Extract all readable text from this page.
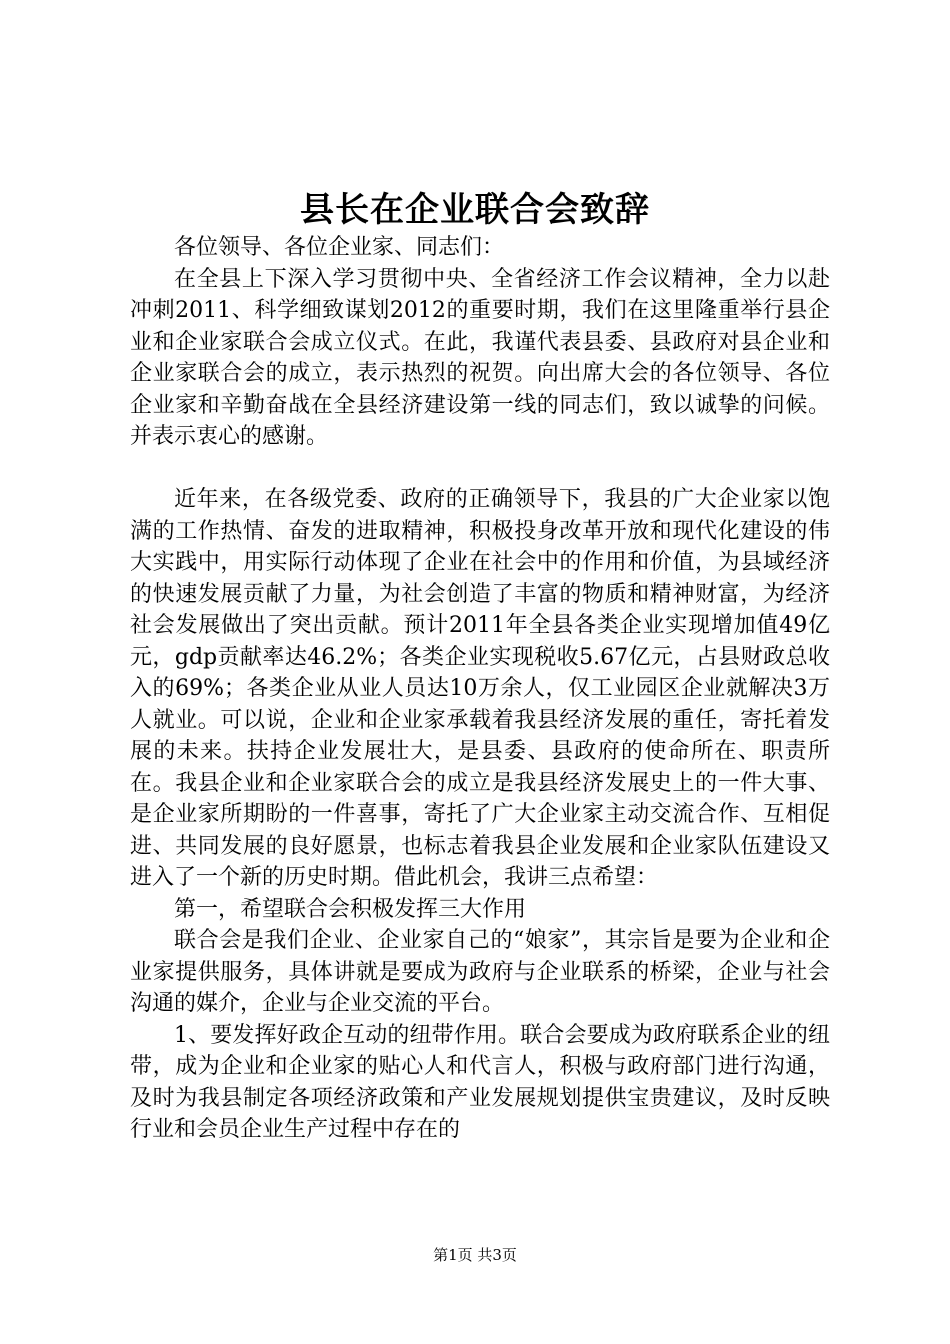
县长在企业联合会致辞

各位领导、各位企业家、同志们：

在全县上下深入学习贯彻中央、全省经济工作会议精神，全力以赴冲刺2011、科学细致谋划2012的重要时期，我们在这里隆重举行县企业和企业家联合会成立仪式。在此，我谨代表县委、县政府对县企业和企业家联合会的成立，表示热烈的祝贺。向出席大会的各位领导、各位企业家和辛勤奋战在全县经济建设第一线的同志们，致以诚挚的问候。并表示衷心的感谢。

近年来，在各级党委、政府的正确领导下，我县的广大企业家以饱满的工作热情、奋发的进取精神，积极投身改革开放和现代化建设的伟大实践中，用实际行动体现了企业在社会中的作用和价值，为县域经济的快速发展贡献了力量，为社会创造了丰富的物质和精神财富，为经济社会发展做出了突出贡献。预计2011年全县各类企业实现增加值49亿元，gdp贡献率达46.2%；各类企业实现税收5.67亿元，占县财政总收入的69%；各类企业从业人员达10万余人，仅工业园区企业就解决3万人就业。可以说，企业和企业家承载着我县经济发展的重任，寄托着发展的未来。扶持企业发展壮大，是县委、县政府的使命所在、职责所在。我县企业和企业家联合会的成立是我县经济发展史上的一件大事、是企业家所期盼的一件喜事，寄托了广大企业家主动交流合作、互相促进、共同发展的良好愿景，也标志着我县企业发展和企业家队伍建设又进入了一个新的历史时期。借此机会，我讲三点希望：

第一，希望联合会积极发挥三大作用

联合会是我们企业、企业家自己的“娘家”，其宗旨是要为企业和企业家提供服务，具体讲就是要成为政府与企业联系的桥梁，企业与社会沟通的媒介，企业与企业交流的平台。

1、要发挥好政企互动的纽带作用。联合会要成为政府联系企业的纽带，成为企业和企业家的贴心人和代言人，积极与政府部门进行沟通，及时为我县制定各项经济政策和产业发展规划提供宝贵建议，及时反映行业和会员企业生产过程中存在的

第1页 共3页
